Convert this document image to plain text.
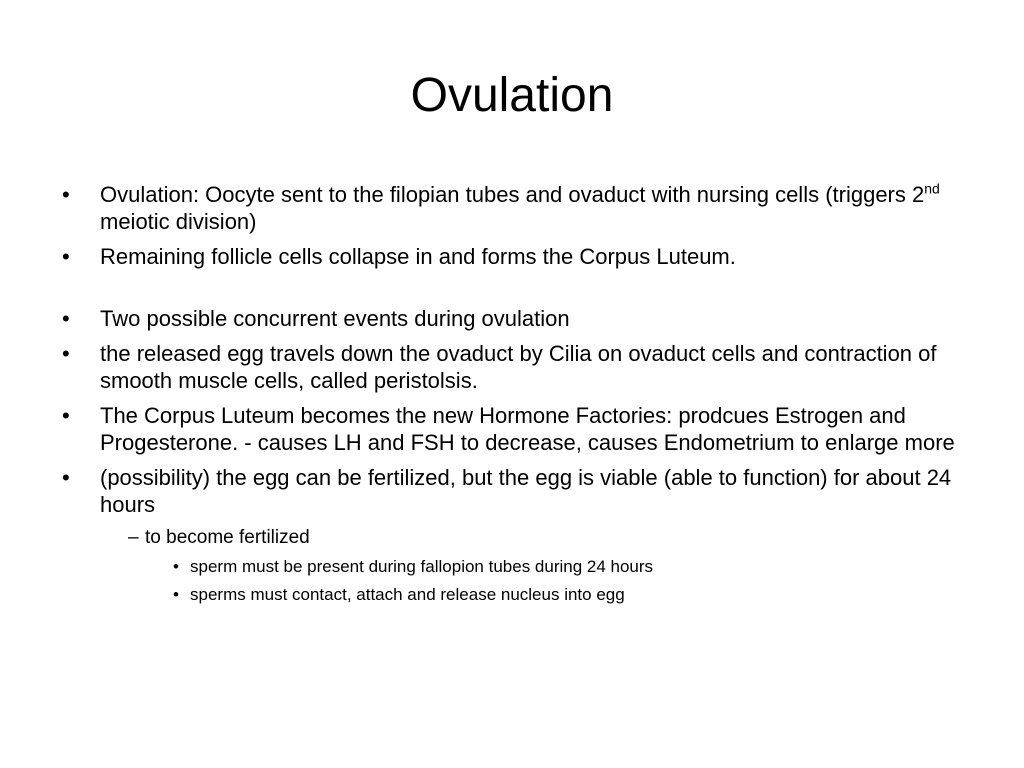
Ovulation
• Ovulation: Oocyte sent to the filopian tubes and ovaduct with nursing cells (triggers 2nd meiotic division)
• Remaining follicle cells collapse in and forms the Corpus Luteum.
• Two possible concurrent events during ovulation
• the released egg travels down the ovaduct by Cilia on ovaduct cells and contraction of smooth muscle cells, called peristolsis.
• The Corpus Luteum becomes the new Hormone Factories: prodcues Estrogen and Progesterone. - causes LH and FSH to decrease, causes Endometrium to enlarge more
• (possibility) the egg can be fertilized, but the egg is viable (able to function) for about 24 hours
– to become fertilized
• sperm must be present during fallopion tubes during 24 hours
• sperms must contact, attach and release nucleus into egg
